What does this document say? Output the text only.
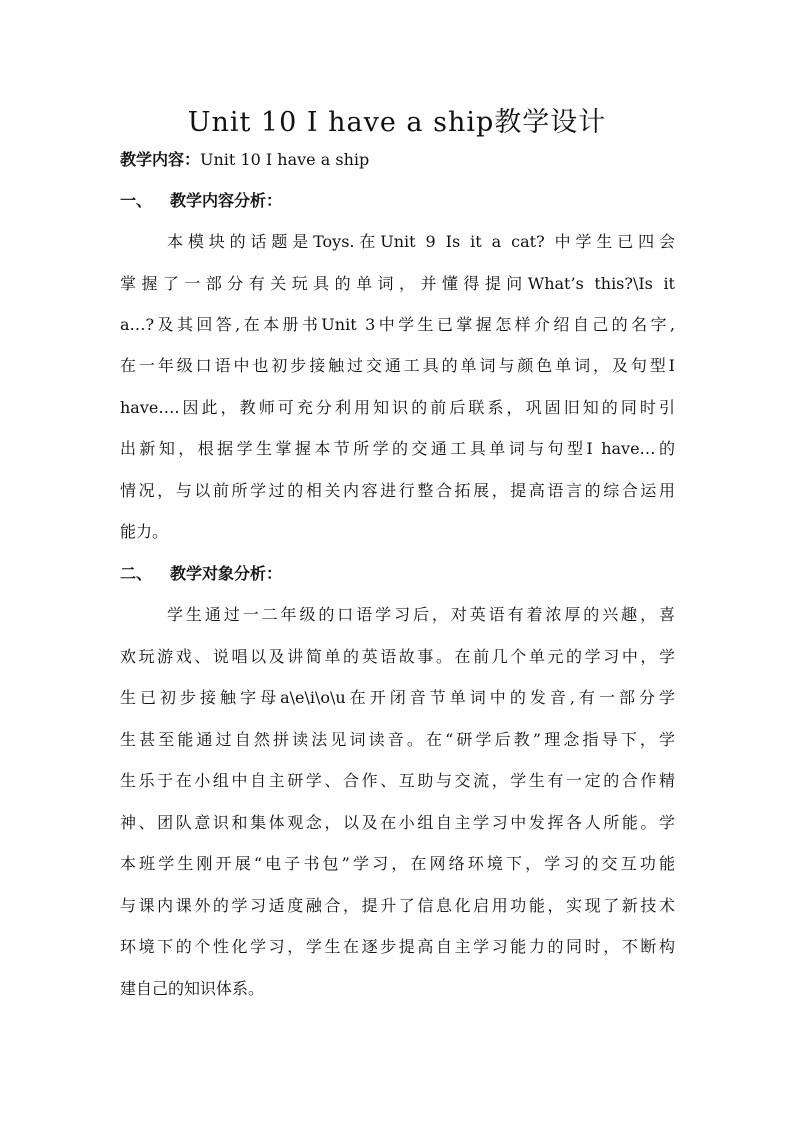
Unit 10 I have a ship教学设计
教学内容：Unit 10 I have a ship
一、 教学内容分析：
本模块的话题是Toys.在Unit 9 Is it a cat? 中学生已四会
掌握了一部分有关玩具的单词，并懂得提问What’s this?\Is it
a…?及其回答,在本册书Unit 3中学生已掌握怎样介绍自己的名字,
在一年级口语中也初步接触过交通工具的单词与颜色单词，及句型I
have….因此，教师可充分利用知识的前后联系，巩固旧知的同时引
出新知，根据学生掌握本节所学的交通工具单词与句型I have…的
情况，与以前所学过的相关内容进行整合拓展，提高语言的综合运用
能力。
二、 教学对象分析：
学生通过一二年级的口语学习后，对英语有着浓厚的兴趣，喜
欢玩游戏、说唱以及讲简单的英语故事。在前几个单元的学习中，学
生已初步接触字母a\e\i\o\u在开闭音节单词中的发音,有一部分学
生甚至能通过自然拼读法见词读音。在“研学后教”理念指导下，学
生乐于在小组中自主研学、合作、互助与交流，学生有一定的合作精
神、团队意识和集体观念，以及在小组自主学习中发挥各人所能。学
本班学生刚开展“电子书包”学习，在网络环境下，学习的交互功能
与课内课外的学习适度融合，提升了信息化启用功能，实现了新技术
环境下的个性化学习，学生在逐步提高自主学习能力的同时，不断构
建自己的知识体系。
